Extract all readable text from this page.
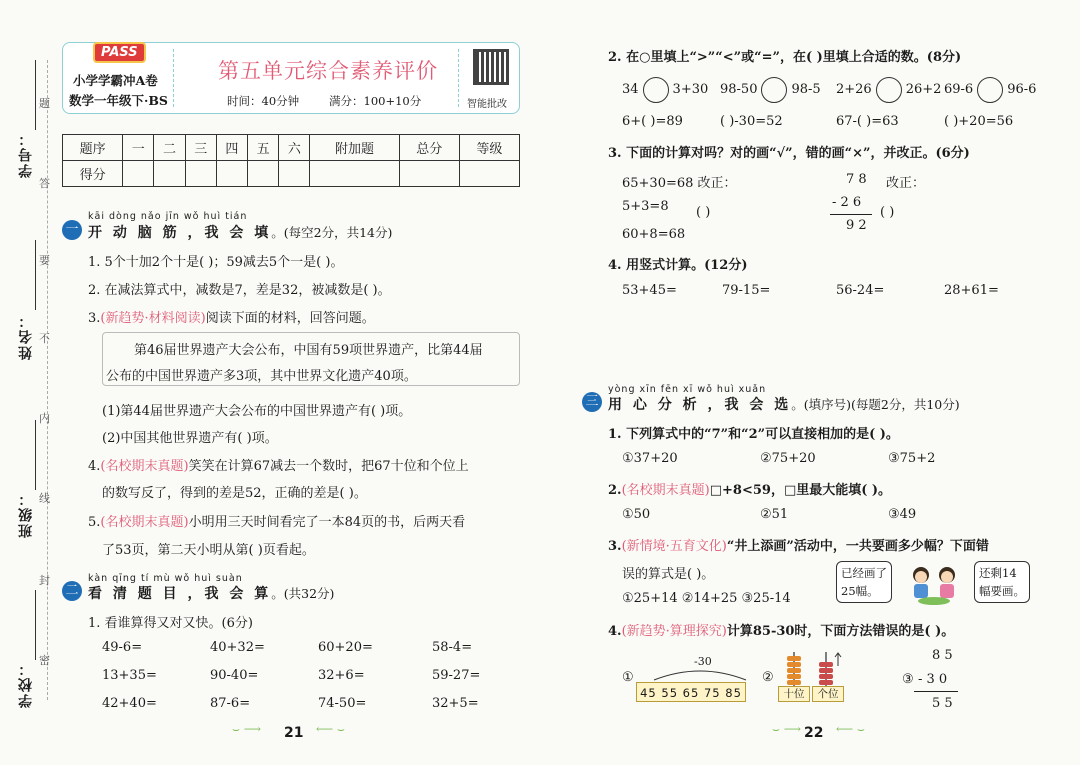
学号：
姓名：
班级：
学校：
题
答
要
不
内
线
封
密
PASS
小学学霸冲A卷
数学一年级下·BS
第五单元综合素养评价
时间：40分钟	满分：100+10分	智能批改
题序	一	二	三	四	五	六	附加题	总分	等级
得分									
kāi dòng nǎo jīn wǒ huì tián
一 开 动 脑 筋 ，我 会 填。(每空2分，共14分)
1. 5个十加2个十是( )；59减去5个一是( )。
2. 在减法算式中，减数是7，差是32，被减数是( )。
3.(新趋势·材料阅读)阅读下面的材料，回答问题。
第46届世界遗产大会公布，中国有59项世界遗产，比第44届
公布的中国世界遗产多3项，其中世界文化遗产40项。
(1)第44届世界遗产大会公布的中国世界遗产有( )项。
(2)中国其他世界遗产有( )项。
4.(名校期末真题)笑笑在计算67减去一个数时，把67十位和个位上
的数写反了，得到的差是52，正确的差是( )。
5.(名校期末真题)小明用三天时间看完了一本84页的书，后两天看
了53页，第二天小明从第( )页看起。
kàn qīng tí mù wǒ huì suàn
二 看 清 题 目 ，我 会 算。(共32分)
1. 看谁算得又对又快。(6分)
49-6=	40+32=	60+20=	58-4=
13+35=	90-40=	32+6=	59-27=
42+40=	87-6=	74-50=	32+5=
⌣ ⟶ 21 ⟵ ⌣
2. 在○里填上“>”“<”或“=”，在( )里填上合适的数。(8分)
34	3+30 98-50	98-5 2+26	26+2 69-6	96-6
6+( )=89	( )-30=52	67-( )=63	( )+20=56
3. 下面的计算对吗？对的画“√”，错的画“×”，并改正。(6分)
65+30=68 改正：
5+3=8
60+8=68
( )
7 8 改正：
- 2 6
9 2
( )
4. 用竖式计算。(12分)
53+45=	79-15=	56-24=	28+61=
yòng xīn fēn xī wǒ huì xuǎn
三 用 心 分 析 ，我 会 选。(填序号)(每题2分，共10分)
1. 下列算式中的“7”和“2”可以直接相加的是( )。
①37+20	②75+20	③75+2
2.(名校期末真题)□+8<59，□里最大能填( )。
①50	②51	③49
3.(新情境·五育文化)“井上添画”活动中，一共要画多少幅？下面错
误的算式是( )。
①25+14 ②14+25 ③25-14
已经画了
25幅。
还剩14
幅要画。
4.(新趋势·算理探究)计算85-30时，下面方法错误的是( )。
①
-30
45 55 65 75 85
②
十位	个位
③
8 5
- 3 0
5 5
⌣ ⟶ 22 ⟵ ⌣
